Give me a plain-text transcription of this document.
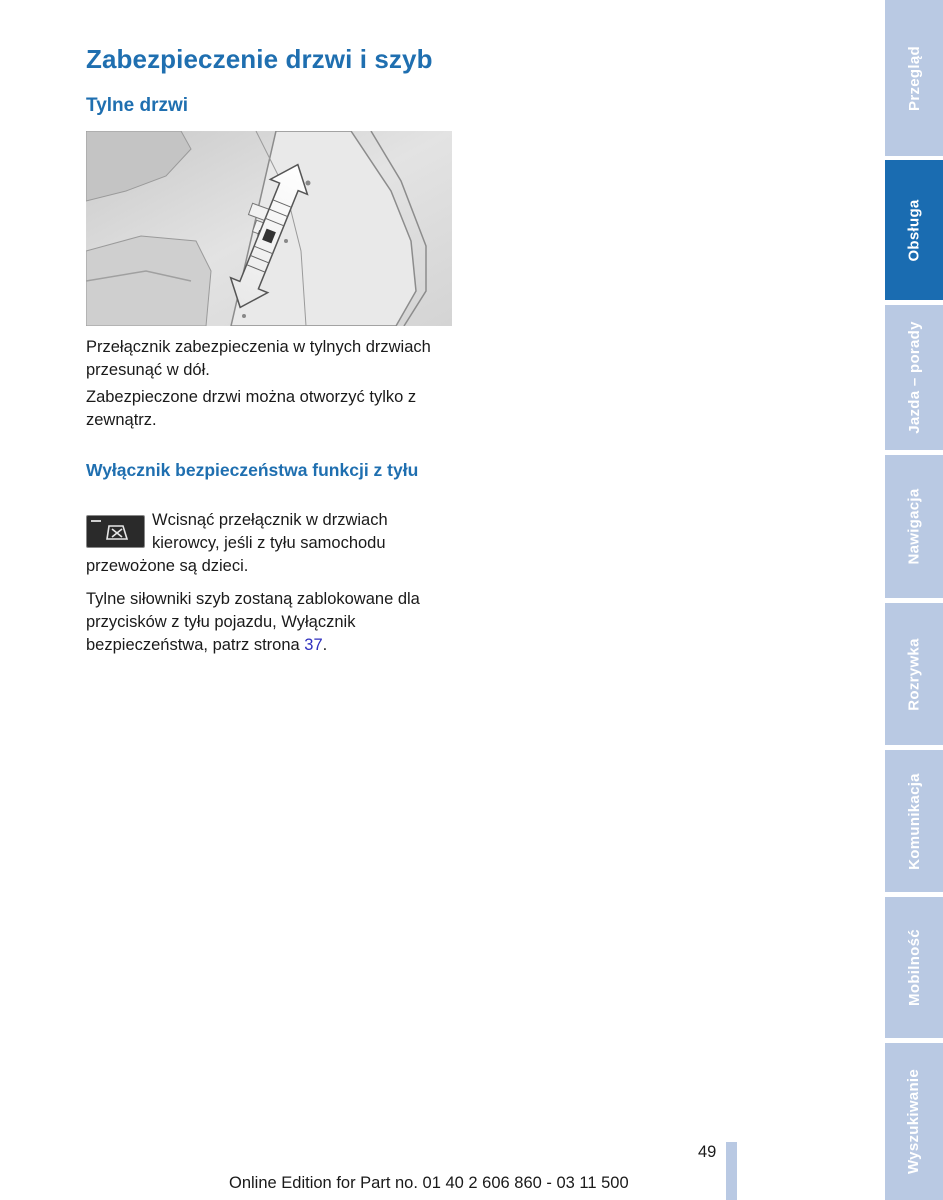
Zabezpieczenie drzwi i szyb
Tylne drzwi

Przełącznik zabezpieczenia w tylnych drzwiach przesunąć w dół.

Zabezpieczone drzwi można otworzyć tylko z zewnątrz.

Wyłącznik bezpieczeństwa funkcji z tyłu

Wcisnąć przełącznik w drzwiach kierowcy, jeśli z tyłu samochodu przewożone są dzieci.

Tylne siłowniki szyb zostaną zablokowane dla przycisków z tyłu pojazdu, Wyłącznik bezpieczeństwa, patrz strona 37.

49
Online Edition for Part no. 01 40 2 606 860 - 03 11 500
Przegląd
Obsługa
Jazda – porady
Nawigacja
Rozrywka
Komunikacja
Mobilność
Wyszukiwanie
